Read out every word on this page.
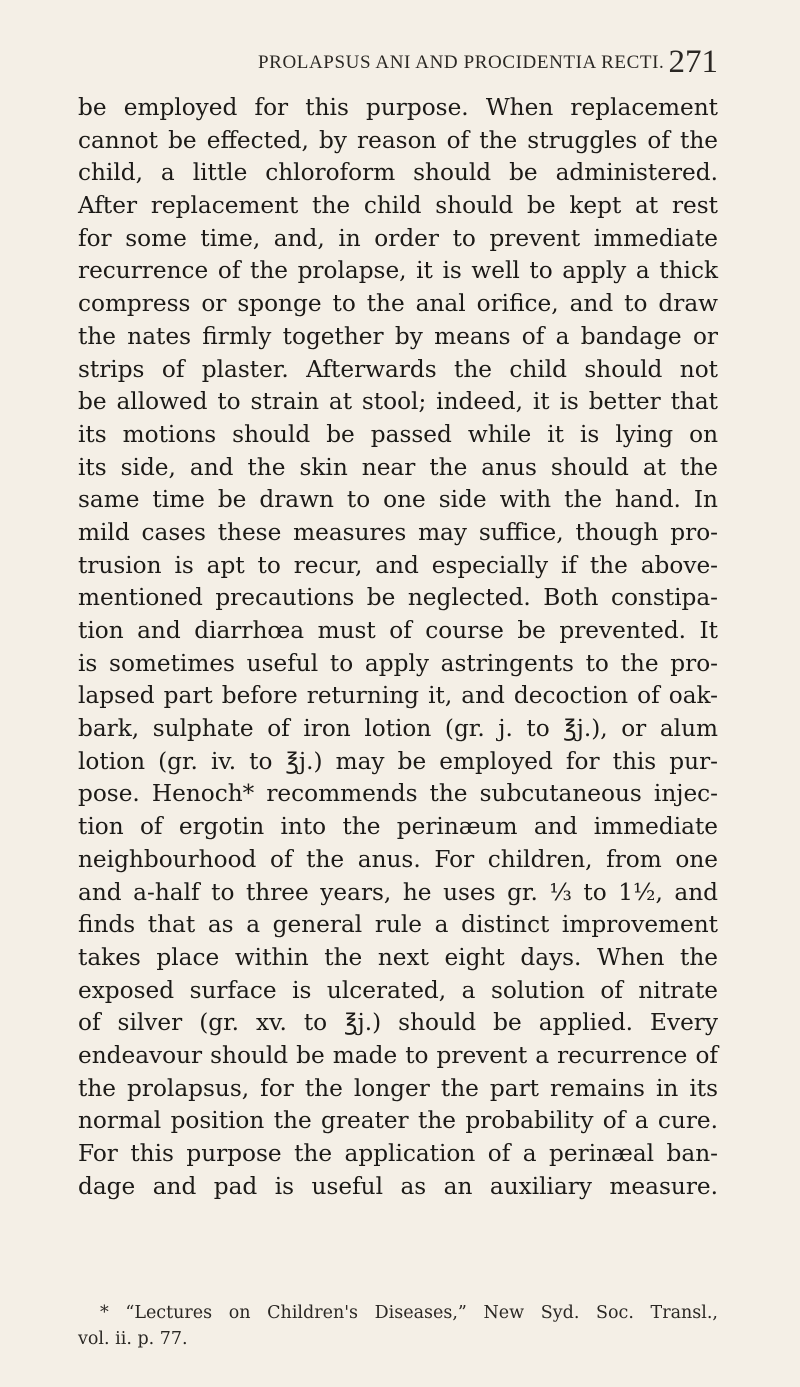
PROLAPSUS ANI AND PROCIDENTIA RECTI. 271
be employed for this purpose. When replacement
cannot be effected, by reason of the struggles of the
child, a little chloroform should be administered.
After replacement the child should be kept at rest
for some time, and, in order to prevent immediate
recurrence of the prolapse, it is well to apply a thick
compress or sponge to the anal orifice, and to draw
the nates firmly together by means of a bandage or
strips of plaster. Afterwards the child should not
be allowed to strain at stool; indeed, it is better that
its motions should be passed while it is lying on
its side, and the skin near the anus should at the
same time be drawn to one side with the hand. In
mild cases these measures may suffice, though pro-
trusion is apt to recur, and especially if the above-
mentioned precautions be neglected. Both constipa-
tion and diarrhœa must of course be prevented. It
is sometimes useful to apply astringents to the pro-
lapsed part before returning it, and decoction of oak-
bark, sulphate of iron lotion (gr. j. to ℥j.), or alum
lotion (gr. iv. to ℥j.) may be employed for this pur-
pose. Henoch* recommends the subcutaneous injec-
tion of ergotin into the perinæum and immediate
neighbourhood of the anus. For children, from one
and a-half to three years, he uses gr. ⅓ to 1½, and
finds that as a general rule a distinct improvement
takes place within the next eight days. When the
exposed surface is ulcerated, a solution of nitrate
of silver (gr. xv. to ℥j.) should be applied. Every
endeavour should be made to prevent a recurrence of
the prolapsus, for the longer the part remains in its
normal position the greater the probability of a cure.
For this purpose the application of a perinæal ban-
dage and pad is useful as an auxiliary measure.
* “Lectures on Children's Diseases,” New Syd. Soc. Transl.,
vol. ii. p. 77.
